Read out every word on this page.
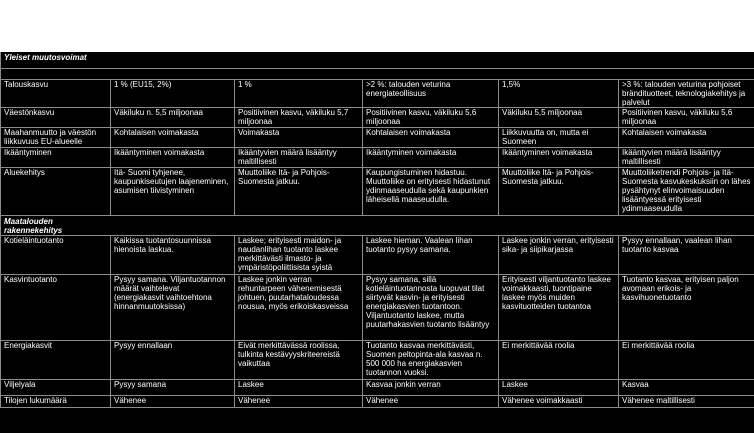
Yleiset muutosvoimat					

Talouskasvu	1 % (EU15, 2%)	1 %	>2 %: talouden veturina energiateollisuus	1,5%	>3 %: talouden veturina pohjoiset brändituotteet, teknologiakehitys ja palvelut
Väestönkasvu	Väkiluku n. 5,5 miljoonaa	Positiivinen kasvu, väkiluku 5,7 miljoonaa	Positiivinen kasvu, väkiluku 5,6 miljoonaa	Väkiluku 5,5 miljoonaa	Positiivinen kasvu, väkiluku 5,6 miljoonaa
Maahanmuutto ja väestön liikkuvuus EU-alueelle	Kohtalaisen voimakasta	Voimakasta	Kohtalaisen voimakasta	Liikkuvuutta on, mutta ei Suomeen	Kohtalaisen voimakasta
Ikääntyminen	Ikääntyminen voimakasta	Ikääntyvien määrä lisääntyy maltillisesti	Ikääntyminen voimakasta	Ikääntyminen voimakasta	Ikääntyvien määrä lisääntyy maltillisesti
Aluekehitys	Itä- Suomi tyhjenee, kaupunkiseutujen laajeneminen, asumisen tiivistyminen	Muuttoliike Itä- ja Pohjois-Suomesta jatkuu.	Kaupungistuminen hidastuu. Muuttoliike on erityisesti hidastunut ydinmaaseudulla sekä kaupunkien läheisellä maaseudulla.	Muuttoliike Itä- ja Pohjois-Suomesta jatkuu.	Muuttoliiketrendi Pohjois- ja Itä-Suomesta kasvukeskuksiin on lähes pysähtynyt elinvoimaisuuden lisääntyessä erityisesti ydinmaaseudulla

Maatalouden rakennekehitys					

Kotieläintuotanto	Kaikissa tuotantosuunnissa hienoista laskua.	Laskee; erityisesti maidon- ja naudanlihan tuotanto laskee merkittävästi ilmasto- ja ympäristöpoliittisista syistä	Laskee hieman. Vaalean lihan tuotanto pysyy samana.	Laskee jonkin verran, erityisesti sika- ja siipikarjassa	Pysyy ennallaan, vaalean lihan tuotanto kasvaa
Kasvintuotanto	Pysyy samana. Viljantuotannon määrät vaihtelevat (energiakasvit vaihtoehtona hinnanmuutoksissa)	Laskee jonkin verran rehuntarpeen vähenemisestä johtuen, puutarhataloudessa nousua, myös erikoiskasveissa	Pysyy samana, sillä kotieläintuotannosta luopuvat tilat siirtyvät kasvin- ja erityisesti energiakasvien tuotantoon. Viljantuotanto laskee, mutta puutarhakasvien tuotanto lisääntyy	Erityisesti viljantuotanto laskee voimakkaasti, tuontipaine laskee myös muiden kasvituotteiden tuotantoa	Tuotanto kasvaa, erityisen paljon avomaan erikois- ja kasvihuonetuotanto
Energiakasvit	Pysyy ennallaan	Eivät merkittävässä roolissa, tulkinta kestävyyskriteereistä vaikuttaa	Tuotanto kasvaa merkittävästi, Suomen peltopinta-ala kasvaa n. 500 000 ha energiakasvien tuotannon vuoksi.	Ei merkittävää roolia	Ei merkittävää roolia
Viljelyala	Pysyy samana	Laskee	Kasvaa jonkin verran	Laskee	Kasvaa
Tilojen lukumäärä	Vähenee	Vähenee	Vähenee	Vähenee voimakkaasti	Vähenee maltillisesti
